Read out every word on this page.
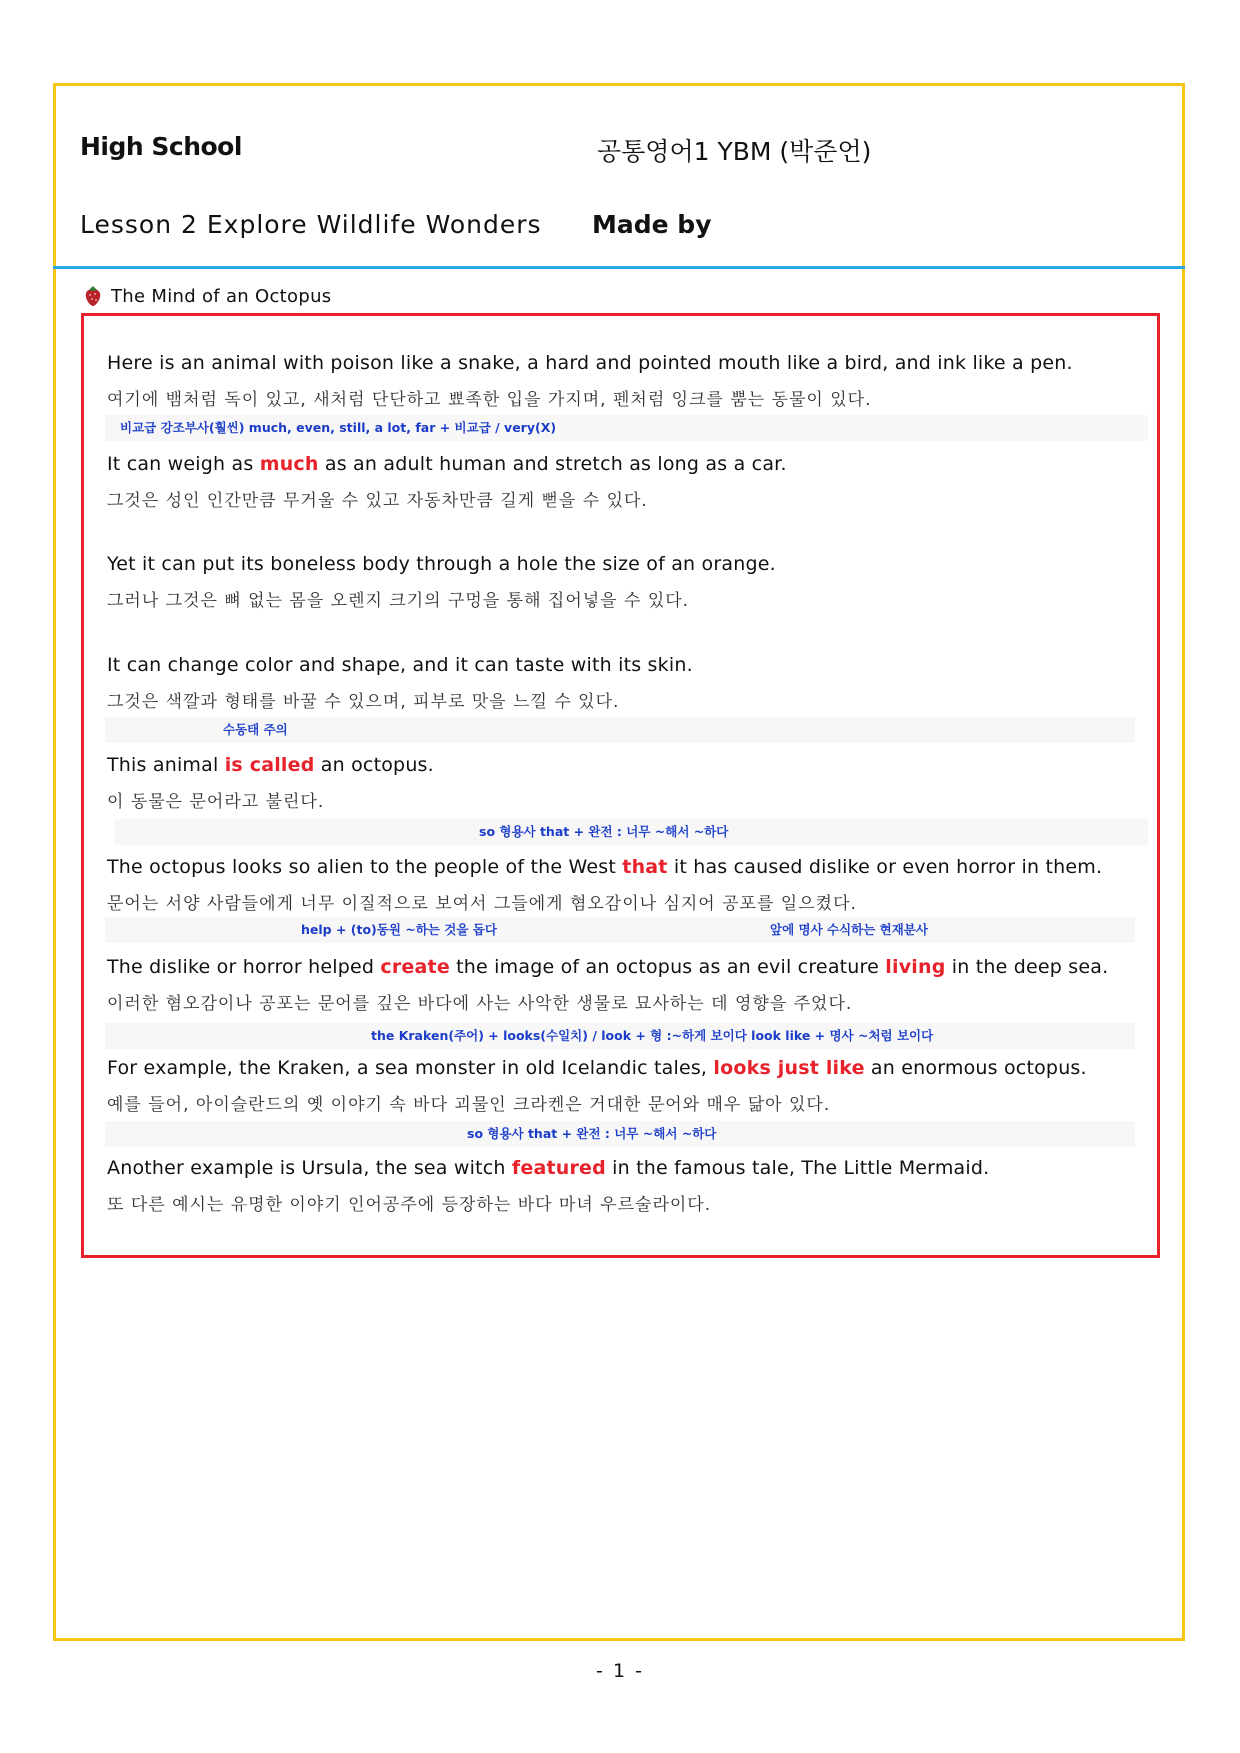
High School	공통영어1 YBM (박준언)
Lesson 2 Explore Wildlife Wonders Made by
The Mind of an Octopus
Here is an animal with poison like a snake, a hard and pointed mouth like a bird, and ink like a pen.
여기에 뱀처럼 독이 있고, 새처럼 단단하고 뾰족한 입을 가지며, 펜처럼 잉크를 뿜는 동물이 있다.
비교급 강조부사(훨씬) much, even, still, a lot, far + 비교급 / very(X)
It can weigh as much as an adult human and stretch as long as a car.
그것은 성인 인간만큼 무거울 수 있고 자동차만큼 길게 뻗을 수 있다.
Yet it can put its boneless body through a hole the size of an orange.
그러나 그것은 뼈 없는 몸을 오렌지 크기의 구멍을 통해 집어넣을 수 있다.
It can change color and shape, and it can taste with its skin.
그것은 색깔과 형태를 바꿀 수 있으며, 피부로 맛을 느낄 수 있다.
수동태 주의
This animal is called an octopus.
이 동물은 문어라고 불린다.
so 형용사 that + 완전 : 너무 ~해서 ~하다
The octopus looks so alien to the people of the West that it has caused dislike or even horror in them.
문어는 서양 사람들에게 너무 이질적으로 보여서 그들에게 혐오감이나 심지어 공포를 일으켰다.
help + (to)동원 ~하는 것을 돕다	앞에 명사 수식하는 현재분사
The dislike or horror helped create the image of an octopus as an evil creature living in the deep sea.
이러한 혐오감이나 공포는 문어를 깊은 바다에 사는 사악한 생물로 묘사하는 데 영향을 주었다.
the Kraken(주어) + looks(수일치) / look + 형 :~하게 보이다 look like + 명사 ~처럼 보이다
For example, the Kraken, a sea monster in old Icelandic tales, looks just like an enormous octopus.
예를 들어, 아이슬란드의 옛 이야기 속 바다 괴물인 크라켄은 거대한 문어와 매우 닮아 있다.
so 형용사 that + 완전 : 너무 ~해서 ~하다
Another example is Ursula, the sea witch featured in the famous tale, The Little Mermaid.
또 다른 예시는 유명한 이야기 인어공주에 등장하는 바다 마녀 우르술라이다.
- 1 -
